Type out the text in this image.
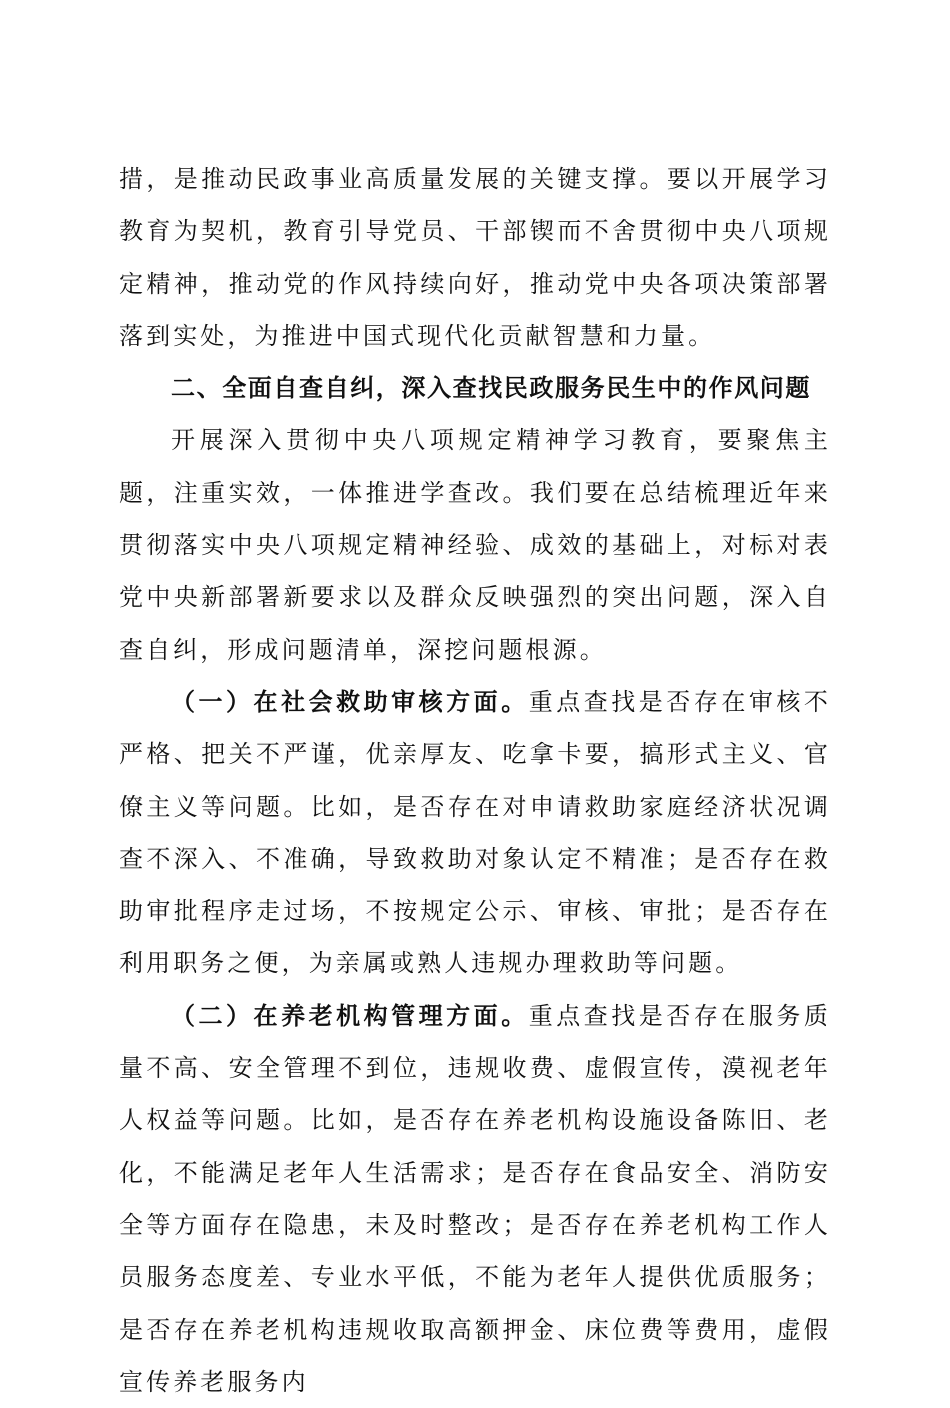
措，是推动民政事业高质量发展的关键支撑。要以开展学习教育为契机，教育引导党员、干部锲而不舍贯彻中央八项规定精神，推动党的作风持续向好，推动党中央各项决策部署落到实处，为推进中国式现代化贡献智慧和力量。

二、全面自查自纠，深入查找民政服务民生中的作风问题

开展深入贯彻中央八项规定精神学习教育，要聚焦主题，注重实效，一体推进学查改。我们要在总结梳理近年来贯彻落实中央八项规定精神经验、成效的基础上，对标对表党中央新部署新要求以及群众反映强烈的突出问题，深入自查自纠，形成问题清单，深挖问题根源。

（一）在社会救助审核方面。重点查找是否存在审核不严格、把关不严谨，优亲厚友、吃拿卡要，搞形式主义、官僚主义等问题。比如，是否存在对申请救助家庭经济状况调查不深入、不准确，导致救助对象认定不精准；是否存在救助审批程序走过场，不按规定公示、审核、审批；是否存在利用职务之便，为亲属或熟人违规办理救助等问题。

（二）在养老机构管理方面。重点查找是否存在服务质量不高、安全管理不到位，违规收费、虚假宣传，漠视老年人权益等问题。比如，是否存在养老机构设施设备陈旧、老化，不能满足老年人生活需求；是否存在食品安全、消防安全等方面存在隐患，未及时整改；是否存在养老机构工作人员服务态度差、专业水平低，不能为老年人提供优质服务；是否存在养老机构违规收取高额押金、床位费等费用，虚假宣传养老服务内
